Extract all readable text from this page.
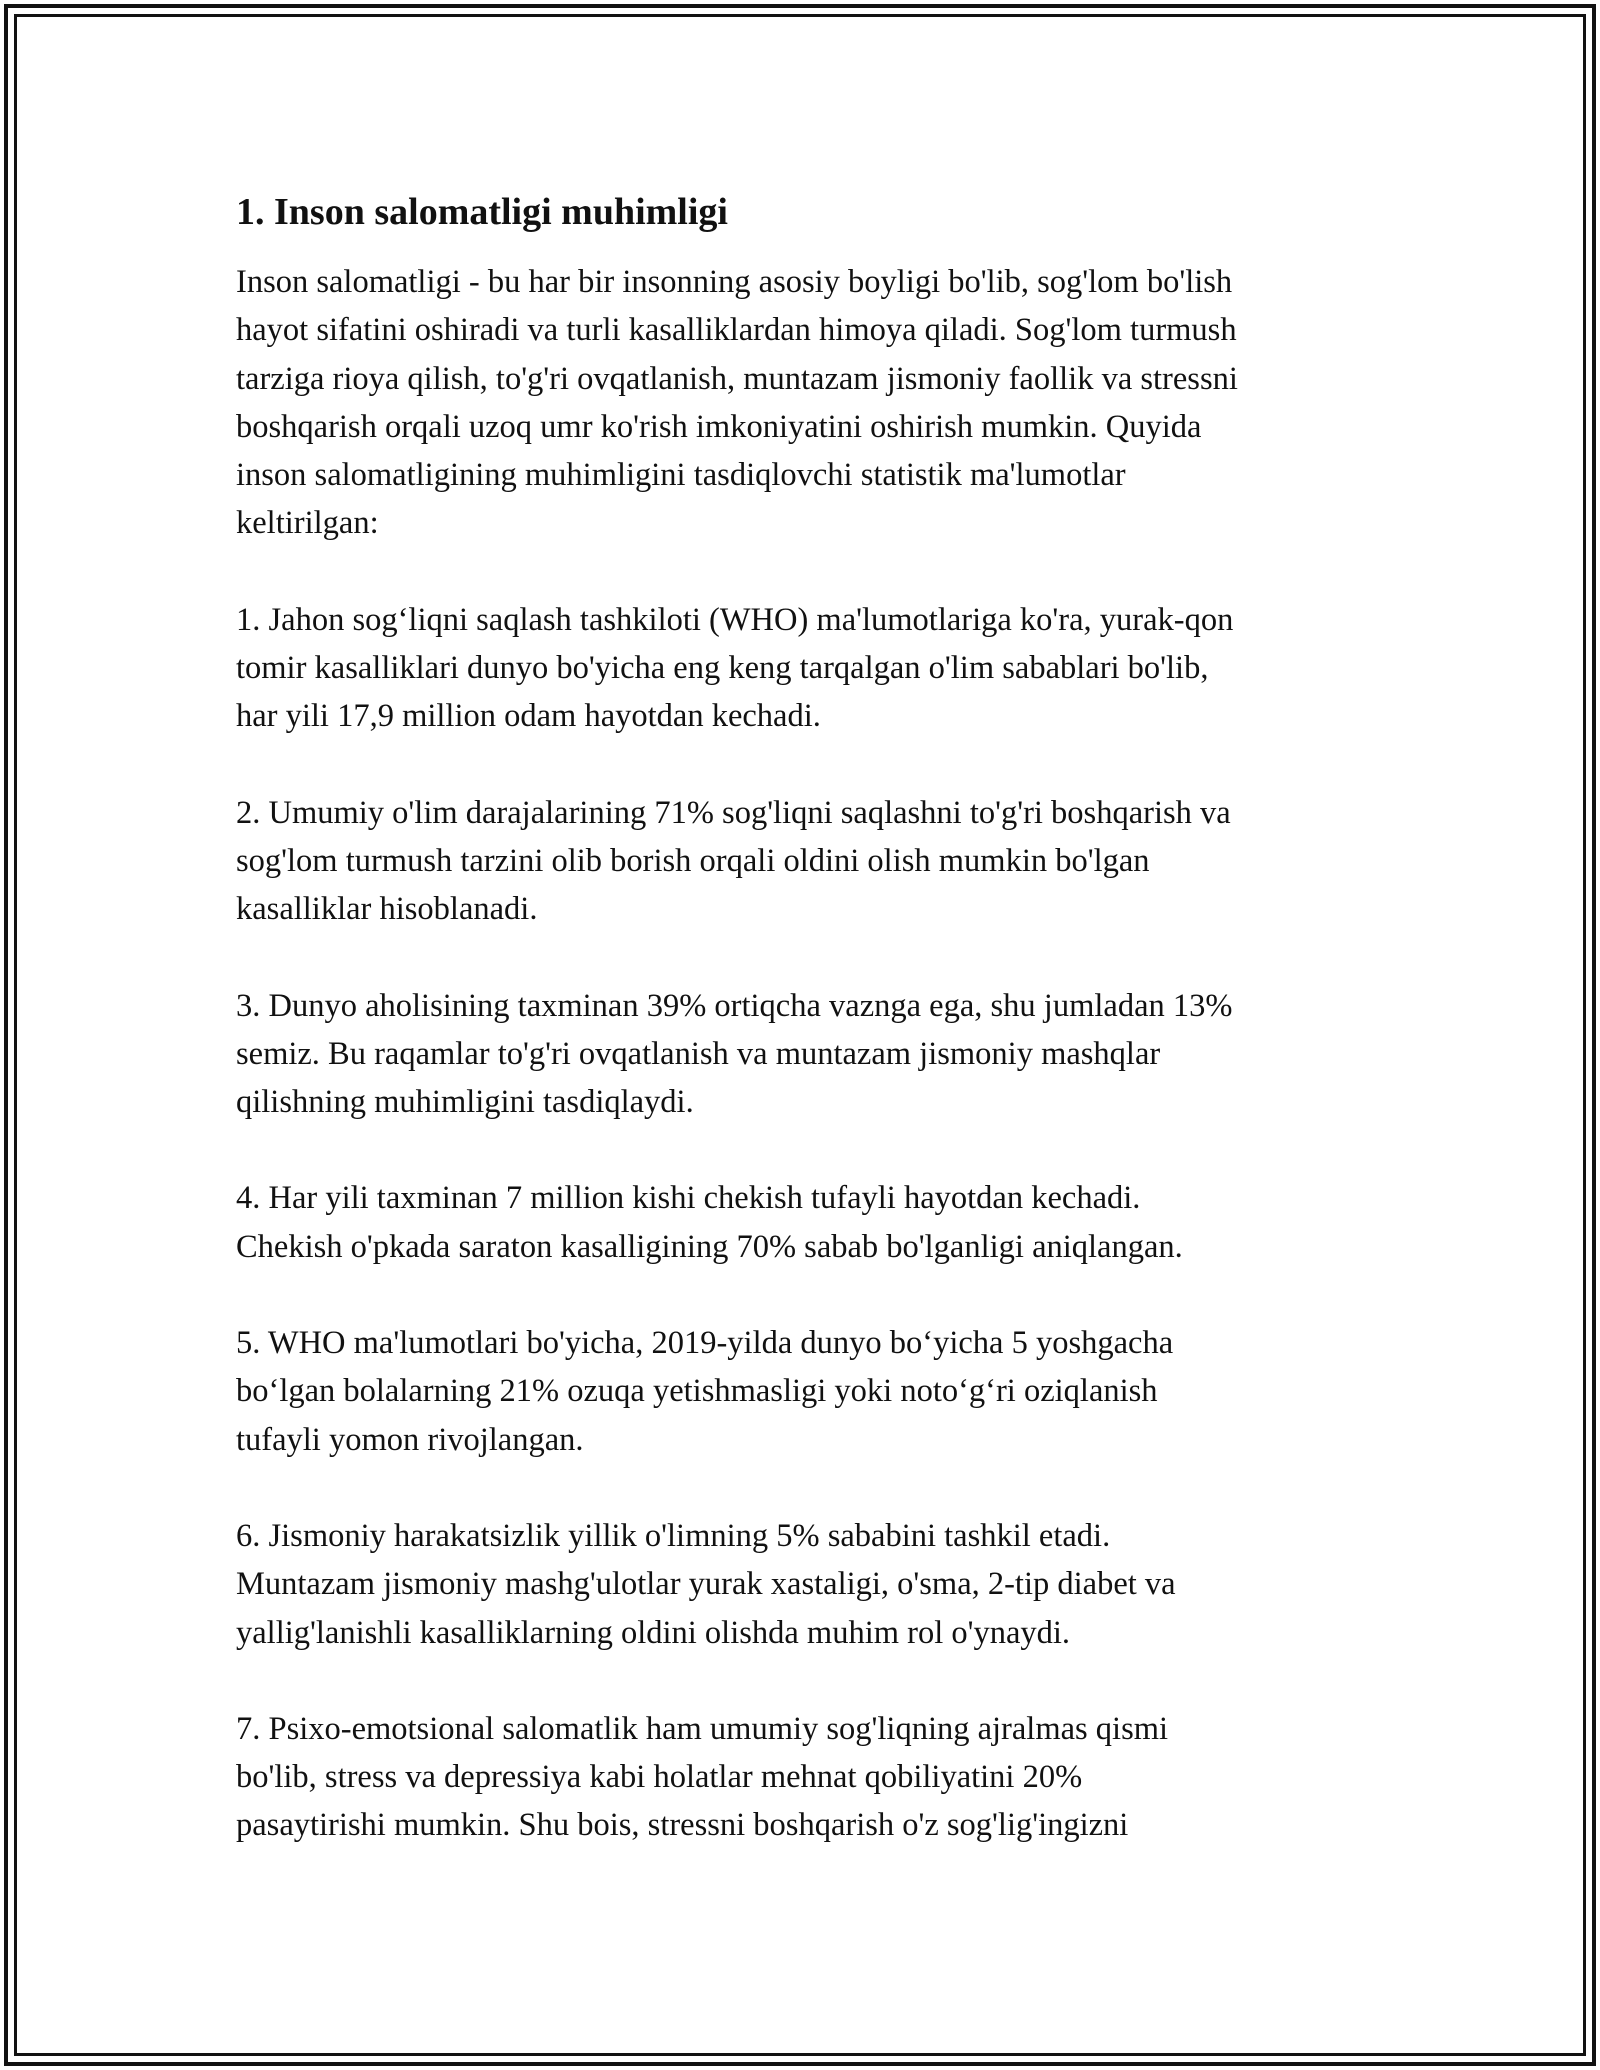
1. Inson salomatligi muhimligi
Inson salomatligi - bu har bir insonning asosiy boyligi bo'lib, sog'lom bo'lish
hayot sifatini oshiradi va turli kasalliklardan himoya qiladi. Sog'lom turmush
tarziga rioya qilish, to'g'ri ovqatlanish, muntazam jismoniy faollik va stressni
boshqarish orqali uzoq umr ko'rish imkoniyatini oshirish mumkin. Quyida
inson salomatligining muhimligini tasdiqlovchi statistik ma'lumotlar
keltirilgan:
1. Jahon sog‘liqni saqlash tashkiloti (WHO) ma'lumotlariga ko'ra, yurak-qon
tomir kasalliklari dunyo bo'yicha eng keng tarqalgan o'lim sabablari bo'lib,
har yili 17,9 million odam hayotdan kechadi.
2. Umumiy o'lim darajalarining 71% sog'liqni saqlashni to'g'ri boshqarish va
sog'lom turmush tarzini olib borish orqali oldini olish mumkin bo'lgan
kasalliklar hisoblanadi.
3. Dunyo aholisining taxminan 39% ortiqcha vaznga ega, shu jumladan 13%
semiz. Bu raqamlar to'g'ri ovqatlanish va muntazam jismoniy mashqlar
qilishning muhimligini tasdiqlaydi.
4. Har yili taxminan 7 million kishi chekish tufayli hayotdan kechadi.
Chekish o'pkada saraton kasalligining 70% sabab bo'lganligi aniqlangan.
5. WHO ma'lumotlari bo'yicha, 2019-yilda dunyo bo‘yicha 5 yoshgacha
bo‘lgan bolalarning 21% ozuqa yetishmasligi yoki noto‘g‘ri oziqlanish
tufayli yomon rivojlangan.
6. Jismoniy harakatsizlik yillik o'limning 5% sababini tashkil etadi.
Muntazam jismoniy mashg'ulotlar yurak xastaligi, o'sma, 2-tip diabet va
yallig'lanishli kasalliklarning oldini olishda muhim rol o'ynaydi.
7. Psixo-emotsional salomatlik ham umumiy sog'liqning ajralmas qismi
bo'lib, stress va depressiya kabi holatlar mehnat qobiliyatini 20%
pasaytirishi mumkin. Shu bois, stressni boshqarish o'z sog'lig'ingizni
